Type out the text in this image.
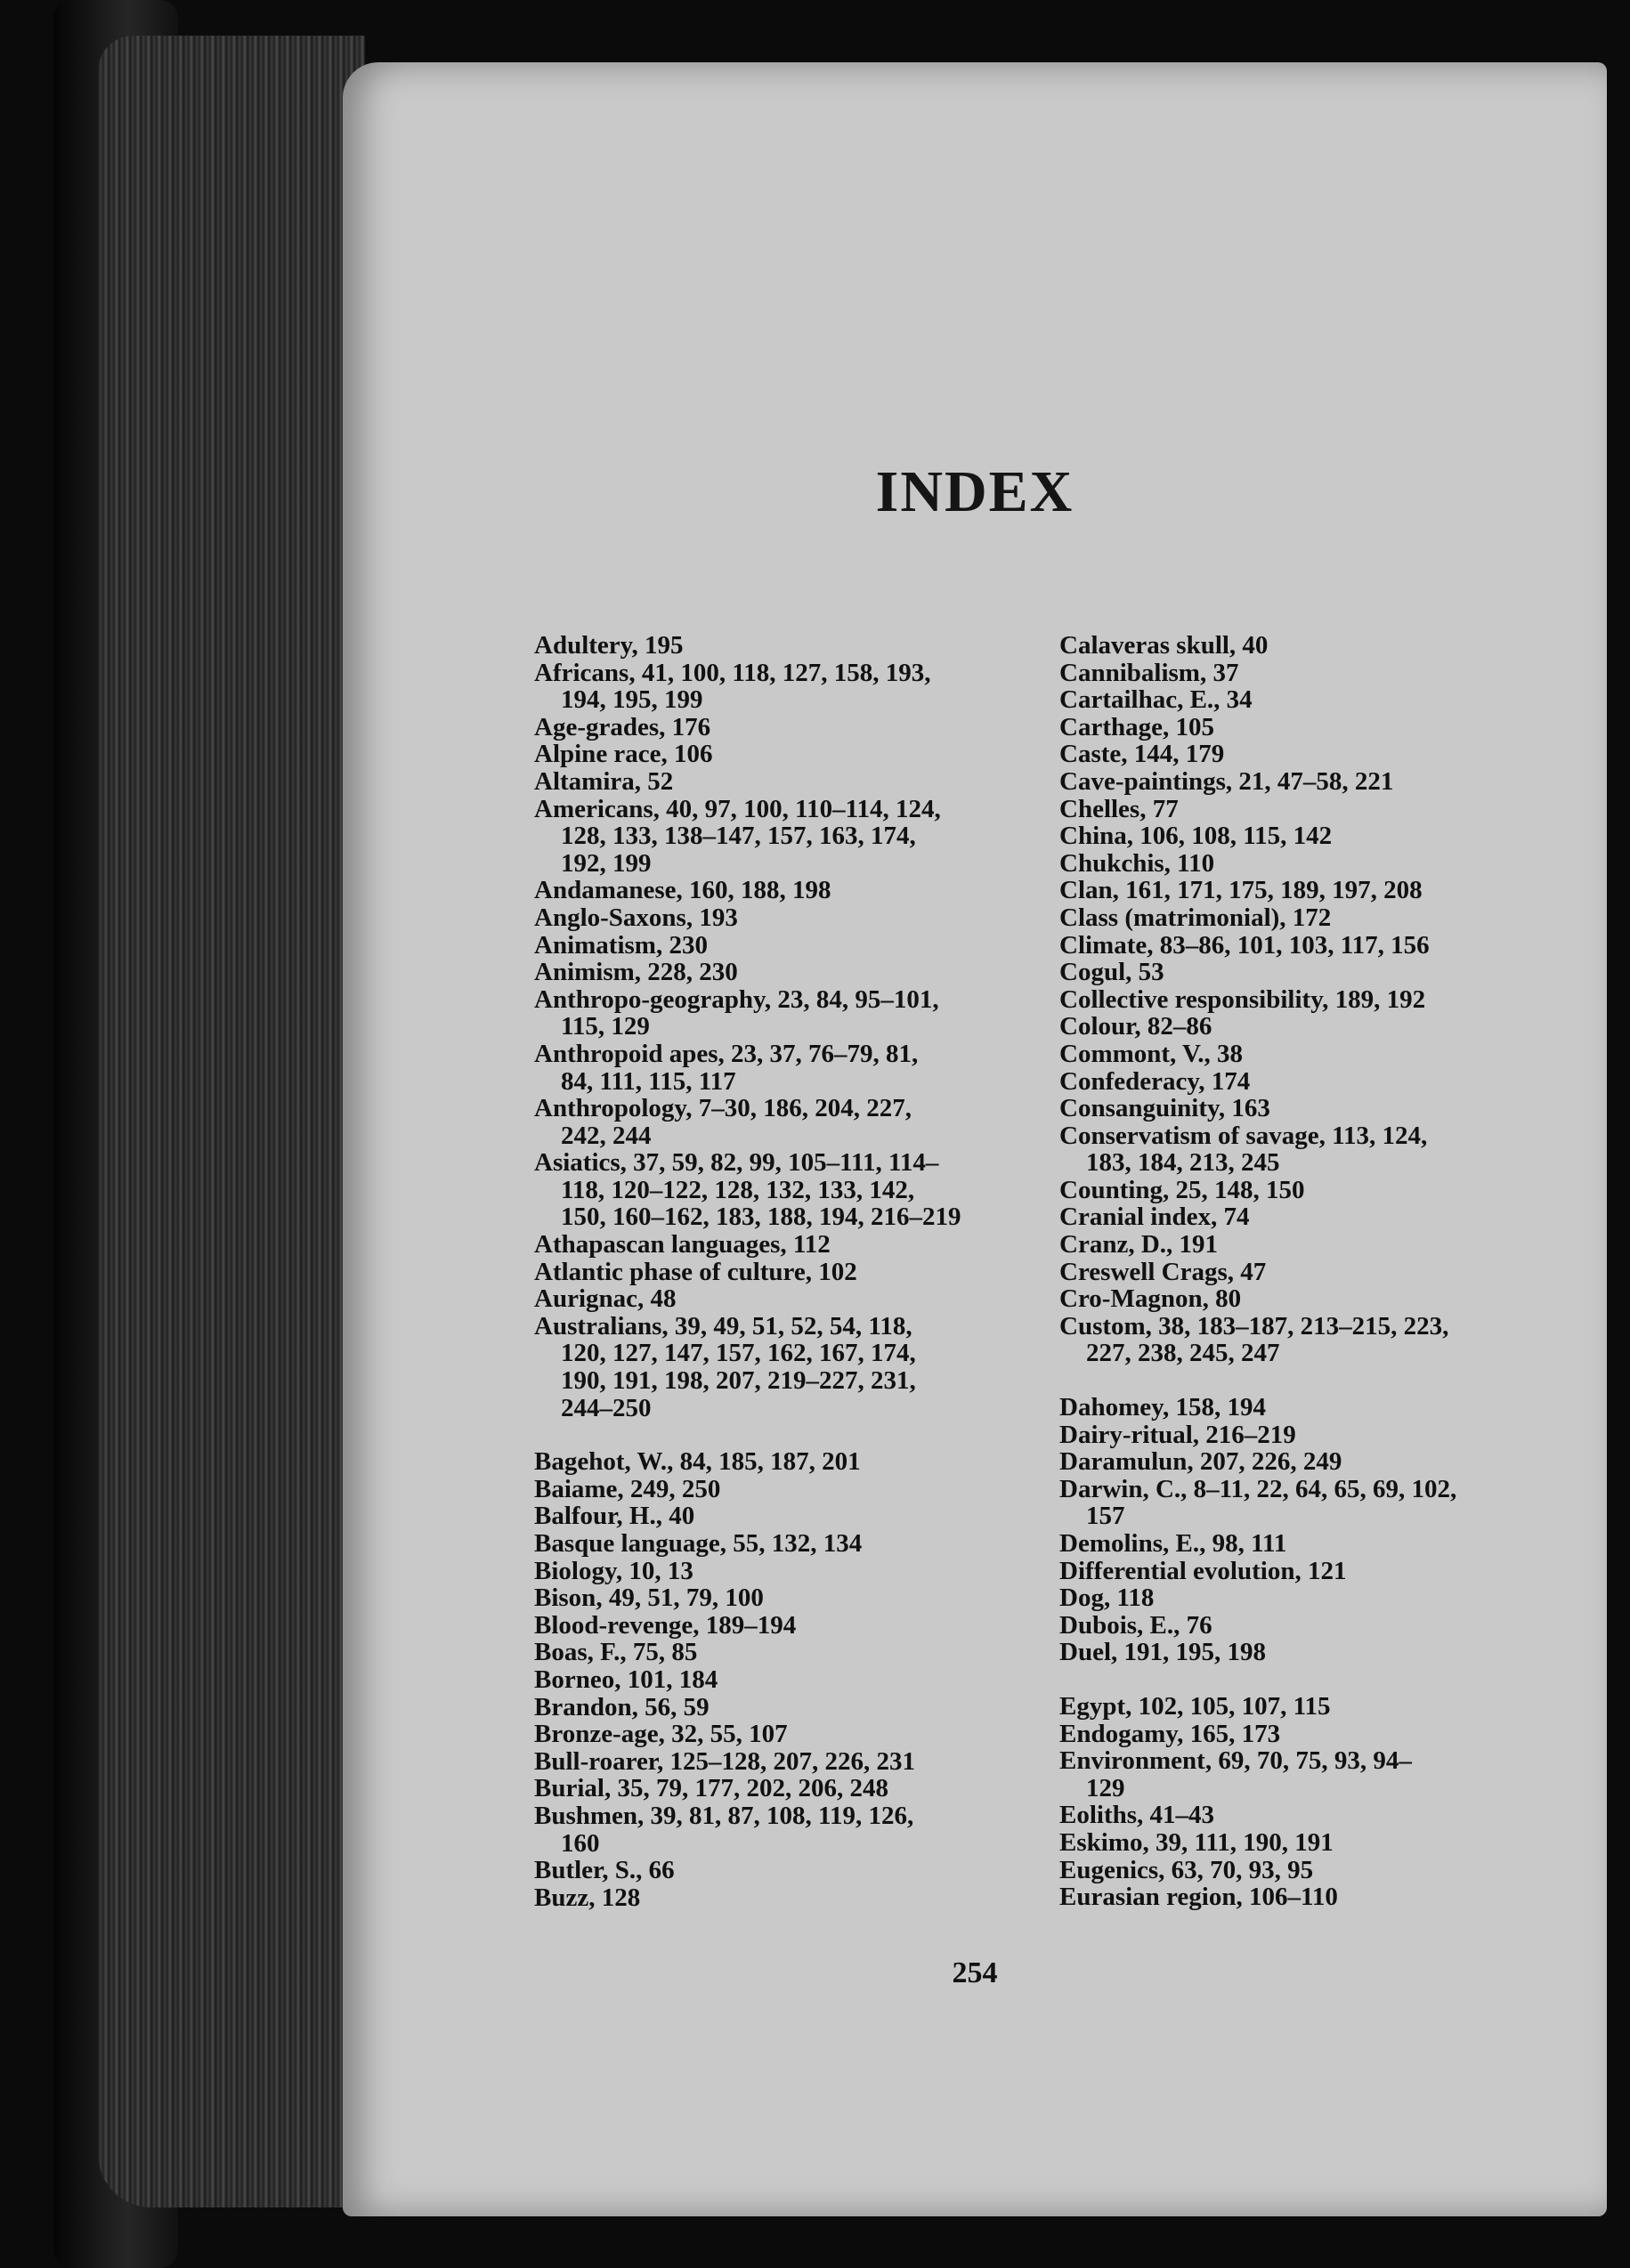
INDEX
Adultery, 195
Africans, 41, 100, 118, 127, 158, 193,
194, 195, 199
Age-grades, 176
Alpine race, 106
Altamira, 52
Americans, 40, 97, 100, 110–114, 124,
128, 133, 138–147, 157, 163, 174,
192, 199
Andamanese, 160, 188, 198
Anglo-Saxons, 193
Animatism, 230
Animism, 228, 230
Anthropo-geography, 23, 84, 95–101,
115, 129
Anthropoid apes, 23, 37, 76–79, 81,
84, 111, 115, 117
Anthropology, 7–30, 186, 204, 227,
242, 244
Asiatics, 37, 59, 82, 99, 105–111, 114–
118, 120–122, 128, 132, 133, 142,
150, 160–162, 183, 188, 194, 216–219
Athapascan languages, 112
Atlantic phase of culture, 102
Aurignac, 48
Australians, 39, 49, 51, 52, 54, 118,
120, 127, 147, 157, 162, 167, 174,
190, 191, 198, 207, 219–227, 231,
244–250
Bagehot, W., 84, 185, 187, 201
Baiame, 249, 250
Balfour, H., 40
Basque language, 55, 132, 134
Biology, 10, 13
Bison, 49, 51, 79, 100
Blood-revenge, 189–194
Boas, F., 75, 85
Borneo, 101, 184
Brandon, 56, 59
Bronze-age, 32, 55, 107
Bull-roarer, 125–128, 207, 226, 231
Burial, 35, 79, 177, 202, 206, 248
Bushmen, 39, 81, 87, 108, 119, 126,
160
Butler, S., 66
Buzz, 128
Calaveras skull, 40
Cannibalism, 37
Cartailhac, E., 34
Carthage, 105
Caste, 144, 179
Cave-paintings, 21, 47–58, 221
Chelles, 77
China, 106, 108, 115, 142
Chukchis, 110
Clan, 161, 171, 175, 189, 197, 208
Class (matrimonial), 172
Climate, 83–86, 101, 103, 117, 156
Cogul, 53
Collective responsibility, 189, 192
Colour, 82–86
Commont, V., 38
Confederacy, 174
Consanguinity, 163
Conservatism of savage, 113, 124,
183, 184, 213, 245
Counting, 25, 148, 150
Cranial index, 74
Cranz, D., 191
Creswell Crags, 47
Cro-Magnon, 80
Custom, 38, 183–187, 213–215, 223,
227, 238, 245, 247
Dahomey, 158, 194
Dairy-ritual, 216–219
Daramulun, 207, 226, 249
Darwin, C., 8–11, 22, 64, 65, 69, 102,
157
Demolins, E., 98, 111
Differential evolution, 121
Dog, 118
Dubois, E., 76
Duel, 191, 195, 198
Egypt, 102, 105, 107, 115
Endogamy, 165, 173
Environment, 69, 70, 75, 93, 94–
129
Eoliths, 41–43
Eskimo, 39, 111, 190, 191
Eugenics, 63, 70, 93, 95
Eurasian region, 106–110
254
